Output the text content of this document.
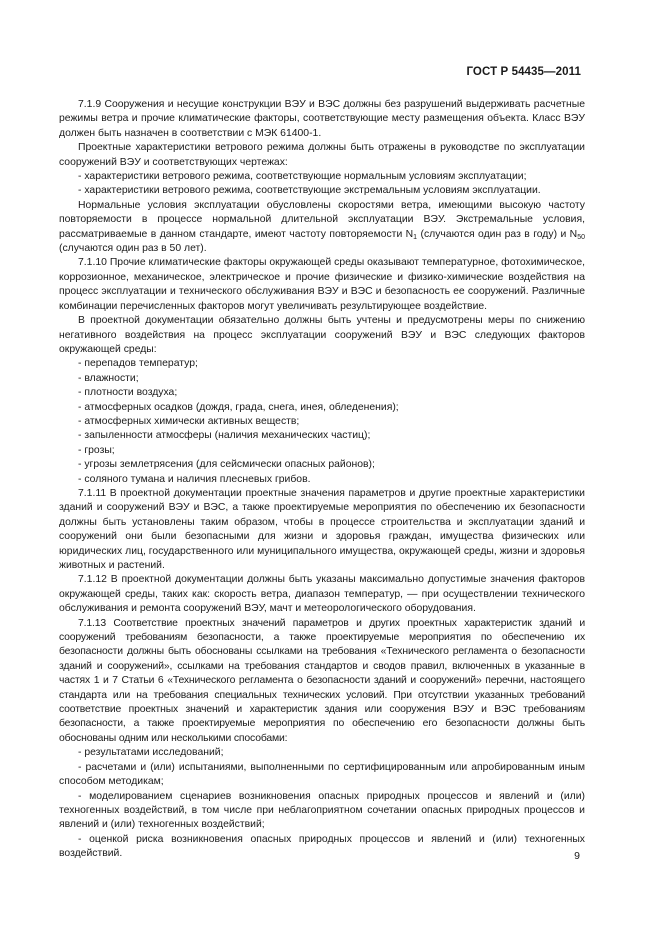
ГОСТ Р 54435—2011

7.1.9 Сооружения и несущие конструкции ВЭУ и ВЭС должны без разрушений выдерживать расчетные режимы ветра и прочие климатические факторы, соответствующие месту размещения объекта. Класс ВЭУ должен быть назначен в соответствии с МЭК 61400-1.

Проектные характеристики ветрового режима должны быть отражены в руководстве по эксплуатации сооружений ВЭУ и соответствующих чертежах:

- характеристики ветрового режима, соответствующие нормальным условиям эксплуатации;

- характеристики ветрового режима, соответствующие экстремальным условиям эксплуатации.

Нормальные условия эксплуатации обусловлены скоростями ветра, имеющими высокую частоту повторяемости в процессе нормальной длительной эксплуатации ВЭУ. Экстремальные условия, рассматриваемые в данном стандарте, имеют частоту повторяемости $N_1$ (случаются один раз в году) и $N_{50}$ (случаются один раз в 50 лет).

7.1.10 Прочие климатические факторы окружающей среды оказывают температурное, фотохимическое, коррозионное, механическое, электрическое и прочие физические и физико-химические воздействия на процесс эксплуатации и технического обслуживания ВЭУ и ВЭС и безопасность ее сооружений. Различные комбинации перечисленных факторов могут увеличивать результирующее воздействие.

В проектной документации обязательно должны быть учтены и предусмотрены меры по снижению негативного воздействия на процесс эксплуатации сооружений ВЭУ и ВЭС следующих факторов окружающей среды:

- перепадов температур;

- влажности;

- плотности воздуха;

- атмосферных осадков (дождя, града, снега, инея, обледенения);

- атмосферных химически активных веществ;

- запыленности атмосферы (наличия механических частиц);

- грозы;

- угрозы землетрясения (для сейсмически опасных районов);

- соляного тумана и наличия плесневых грибов.

7.1.11 В проектной документации проектные значения параметров и другие проектные характеристики зданий и сооружений ВЭУ и ВЭС, а также проектируемые мероприятия по обеспечению их безопасности должны быть установлены таким образом, чтобы в процессе строительства и эксплуатации зданий и сооружений они были безопасными для жизни и здоровья граждан, имущества физических или юридических лиц, государственного или муниципального имущества, окружающей среды, жизни и здоровья животных и растений.

7.1.12 В проектной документации должны быть указаны максимально допустимые значения факторов окружающей среды, таких как: скорость ветра, диапазон температур, — при осуществлении технического обслуживания и ремонта сооружений ВЭУ, мачт и метеорологического оборудования.

7.1.13 Соответствие проектных значений параметров и других проектных характеристик зданий и сооружений требованиям безопасности, а также проектируемые мероприятия по обеспечению их безопасности должны быть обоснованы ссылками на требования «Технического регламента о безопасности зданий и сооружений», ссылками на требования стандартов и сводов правил, включенных в указанные в частях 1 и 7 Статьи 6 «Технического регламента о безопасности зданий и сооружений» перечни, настоящего стандарта или на требования специальных технических условий. При отсутствии указанных требований соответствие проектных значений и характеристик здания или сооружения ВЭУ и ВЭС требованиям безопасности, а также проектируемые мероприятия по обеспечению его безопасности должны быть обоснованы одним или несколькими способами:

- результатами исследований;

- расчетами и (или) испытаниями, выполненными по сертифицированным или апробированным иным способом методикам;

- моделированием сценариев возникновения опасных природных процессов и явлений и (или) техногенных воздействий, в том числе при неблагоприятном сочетании опасных природных процессов и явлений и (или) техногенных воздействий;

- оценкой риска возникновения опасных природных процессов и явлений и (или) техногенных воздействий.	9
